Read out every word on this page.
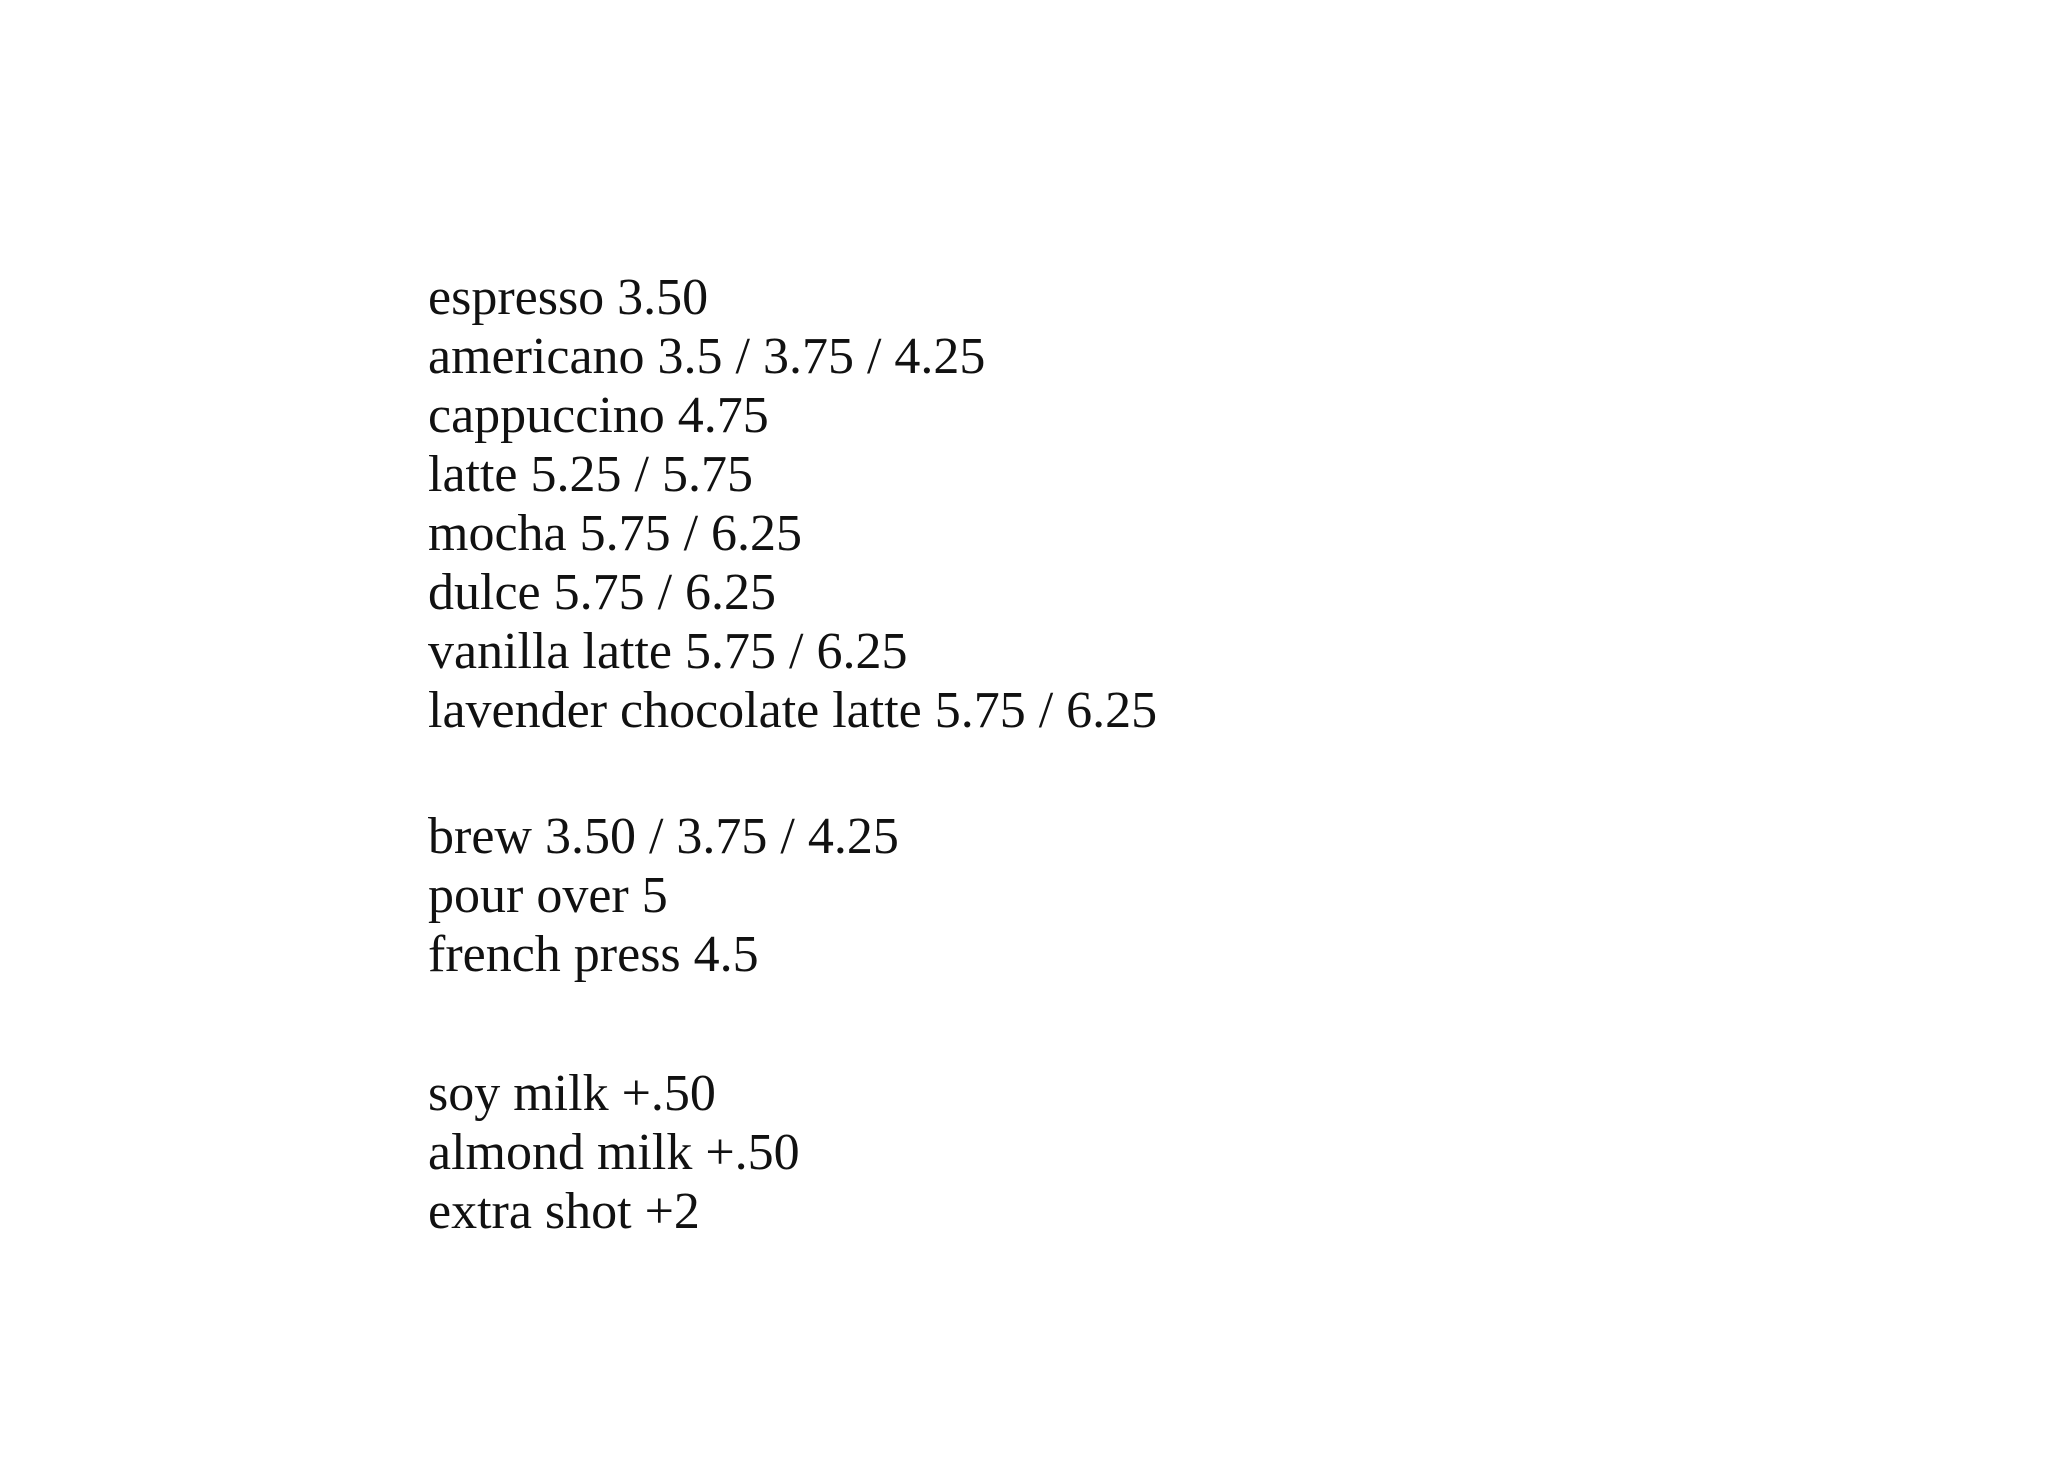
espresso 3.50
americano 3.5 / 3.75 / 4.25
cappuccino 4.75
latte 5.25 / 5.75
mocha 5.75 / 6.25
dulce 5.75 / 6.25
vanilla latte 5.75 / 6.25
lavender chocolate latte 5.75 / 6.25
brew 3.50 / 3.75 / 4.25
pour over 5
french press 4.5
soy milk +.50
almond milk +.50
extra shot +2
